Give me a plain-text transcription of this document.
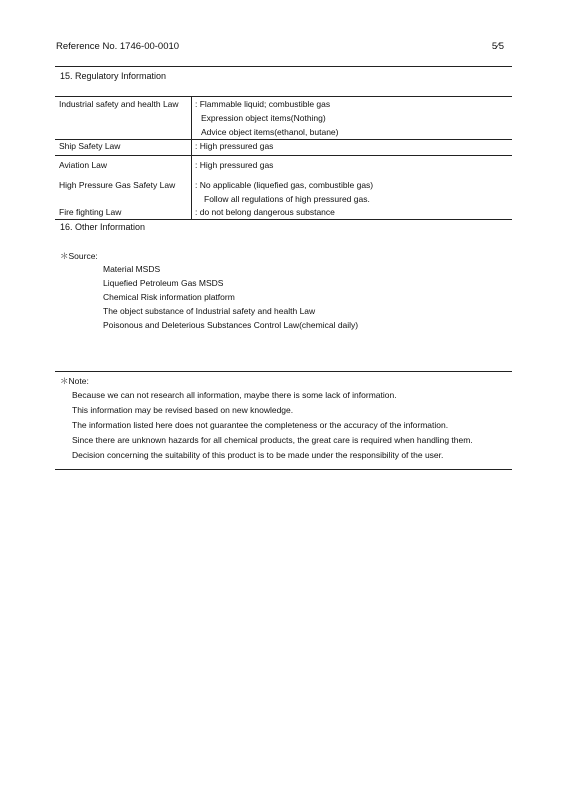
Reference No. 1746-00-0010	5⁄5
15. Regulatory Information
Industrial safety and health Law : Flammable liquid; combustible gas
Expression object items(Nothing)
Advice object items(ethanol, butane)
Ship Safety Law	: High pressured gas
Aviation Law	: High pressured gas
High Pressure Gas Safety Law : No applicable (liquefied gas, combustible gas)
Follow all regulations of high pressured gas.
Fire fighting Law	: do not belong dangerous substance
16. Other Information
＊Source:
Material MSDS
Liquefied Petroleum Gas MSDS
Chemical Risk information platform
The object substance of Industrial safety and health Law
Poisonous and Deleterious Substances Control Law(chemical daily)
＊Note:
Because we can not research all information, maybe there is some lack of information.
This information may be revised based on new knowledge.
The information listed here does not guarantee the completeness or the accuracy of the information.
Since there are unknown hazards for all chemical products, the great care is required when handling them.
Decision concerning the suitability of this product is to be made under the responsibility of the user.
